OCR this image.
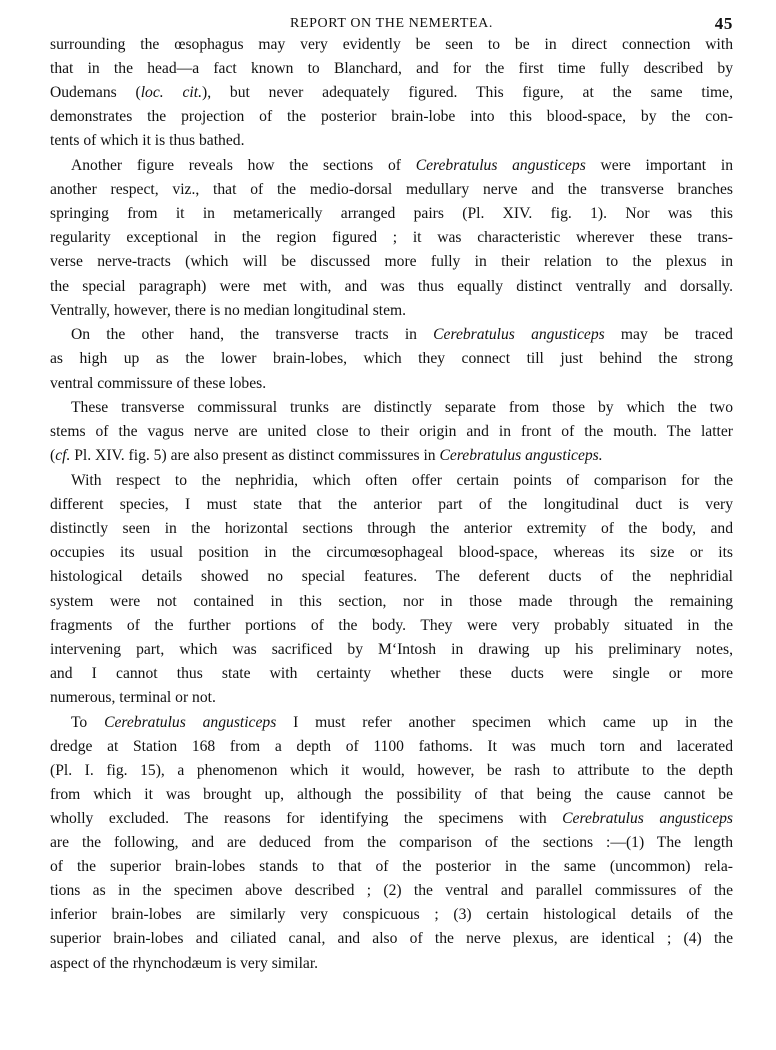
REPORT ON THE NEMERTEA.	45
surrounding the œsophagus may very evidently be seen to be in direct connection with
that in the head—a fact known to Blanchard, and for the first time fully described by
Oudemans (loc. cit.), but never adequately figured. This figure, at the same time,
demonstrates the projection of the posterior brain-lobe into this blood-space, by the con-
tents of which it is thus bathed.
Another figure reveals how the sections of Cerebratulus angusticeps were important in
another respect, viz., that of the medio-dorsal medullary nerve and the transverse branches
springing from it in metamerically arranged pairs (Pl. XIV. fig. 1). Nor was this
regularity exceptional in the region figured ; it was characteristic wherever these trans-
verse nerve-tracts (which will be discussed more fully in their relation to the plexus in
the special paragraph) were met with, and was thus equally distinct ventrally and dorsally.
Ventrally, however, there is no median longitudinal stem.
On the other hand, the transverse tracts in Cerebratulus angusticeps may be traced
as high up as the lower brain-lobes, which they connect till just behind the strong
ventral commissure of these lobes.
These transverse commissural trunks are distinctly separate from those by which the two
stems of the vagus nerve are united close to their origin and in front of the mouth. The latter
(cf. Pl. XIV. fig. 5) are also present as distinct commissures in Cerebratulus angusticeps.
With respect to the nephridia, which often offer certain points of comparison for the
different species, I must state that the anterior part of the longitudinal duct is very
distinctly seen in the horizontal sections through the anterior extremity of the body, and
occupies its usual position in the circumœsophageal blood-space, whereas its size or its
histological details showed no special features. The deferent ducts of the nephridial
system were not contained in this section, nor in those made through the remaining
fragments of the further portions of the body. They were very probably situated in the
intervening part, which was sacrificed by M‘Intosh in drawing up his preliminary notes,
and I cannot thus state with certainty whether these ducts were single or more
numerous, terminal or not.
To Cerebratulus angusticeps I must refer another specimen which came up in the
dredge at Station 168 from a depth of 1100 fathoms. It was much torn and lacerated
(Pl. I. fig. 15), a phenomenon which it would, however, be rash to attribute to the depth
from which it was brought up, although the possibility of that being the cause cannot be
wholly excluded. The reasons for identifying the specimens with Cerebratulus angusticeps
are the following, and are deduced from the comparison of the sections :—(1) The length
of the superior brain-lobes stands to that of the posterior in the same (uncommon) rela-
tions as in the specimen above described ; (2) the ventral and parallel commissures of the
inferior brain-lobes are similarly very conspicuous ; (3) certain histological details of the
superior brain-lobes and ciliated canal, and also of the nerve plexus, are identical ; (4) the
aspect of the rhynchodæum is very similar.
